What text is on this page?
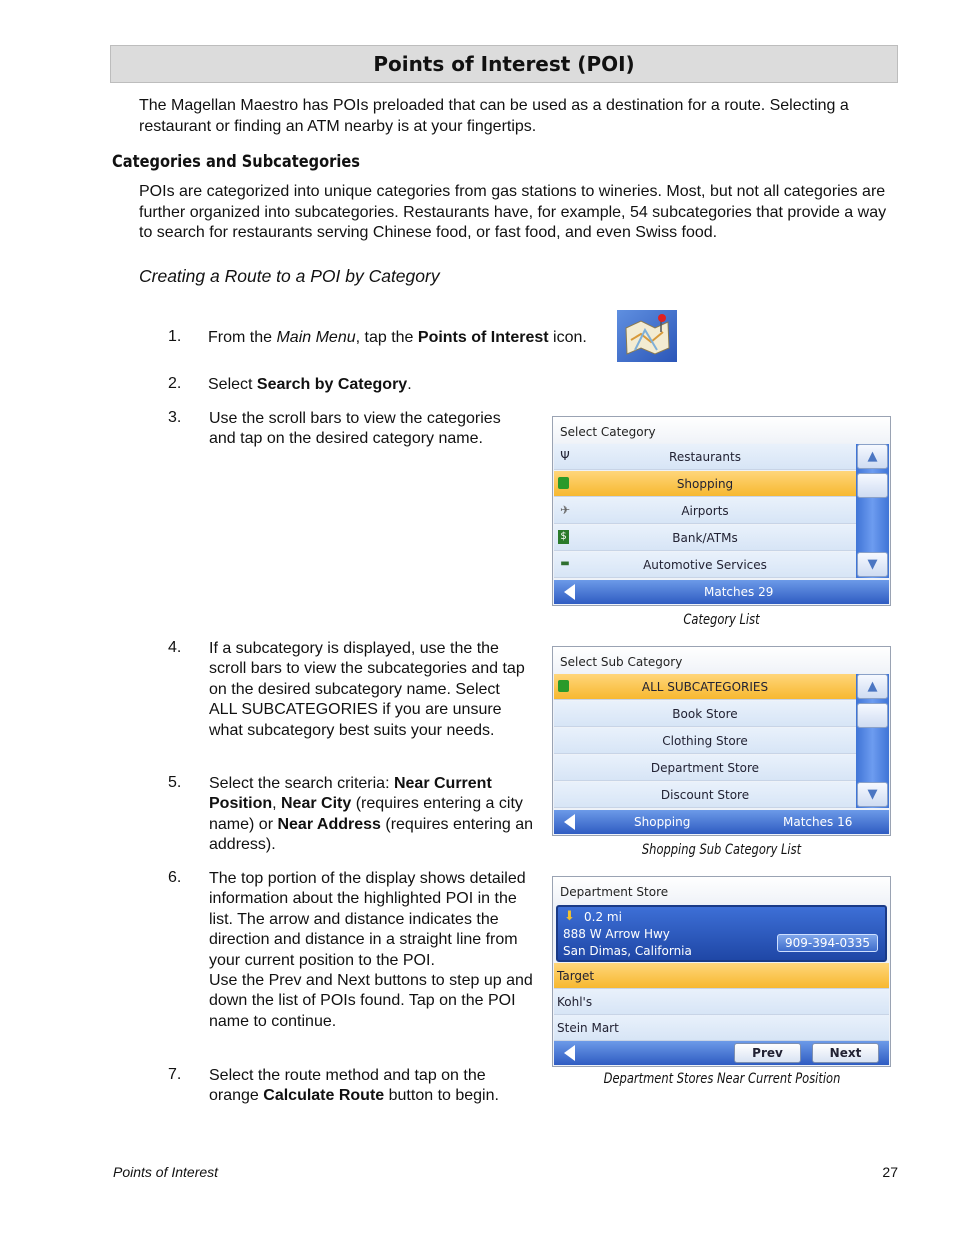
Points of Interest (POI)
The Magellan Maestro has POIs preloaded that can be used as a destination for a route. Selecting a restaurant or finding an ATM nearby is at your fingertips.
Categories and Subcategories
POIs are categorized into unique categories from gas stations to wineries. Most, but not all categories are further organized into subcategories. Restaurants have, for example, 54 subcategories that provide a way to search for restaurants serving Chinese food, or fast food, and even Swiss food.
Creating a Route to a POI by Category
1. From the Main Menu, tap the Points of Interest icon.
2. Select Search by Category.
3. Use the scroll bars to view the categories and tap on the desired category name.	Select Category
Ψ	Restaurants
Shopping
✈	Airports
$	Bank/ATMs
▬	Automotive Services
▲
▼
Matches 29
Category List
4. If a subcategory is displayed, use the the scroll bars to view the subcategories and tap on the desired subcategory name. Select ALL SUBCATEGORIES if you are unsure what subcategory best suits your needs.
Select Sub Category
ALL SUBCATEGORIES
Book Store
Clothing Store
Department Store
Discount Store
▲
▼
Shopping	Matches 16
Shopping Sub Category List
5. Select the search criteria: Near Current Position, Near City (requires entering a city name) or Near Address (requires entering an address).
6. The top portion of the display shows detailed information about the highlighted POI in the list. The arrow and distance indicates the direction and distance in a straight line from your current position to the POI.
Use the Prev and Next buttons to step up and down the list of POIs found. Tap on the POI name to continue.
Department Store
⬇ 0.2 mi
888 W Arrow Hwy
San Dimas, California
909-394-0335
Target
Kohl's
Stein Mart
Prev	Next
Department Stores Near Current Position
7. Select the route method and tap on the orange Calculate Route button to begin.
Points of Interest	27
